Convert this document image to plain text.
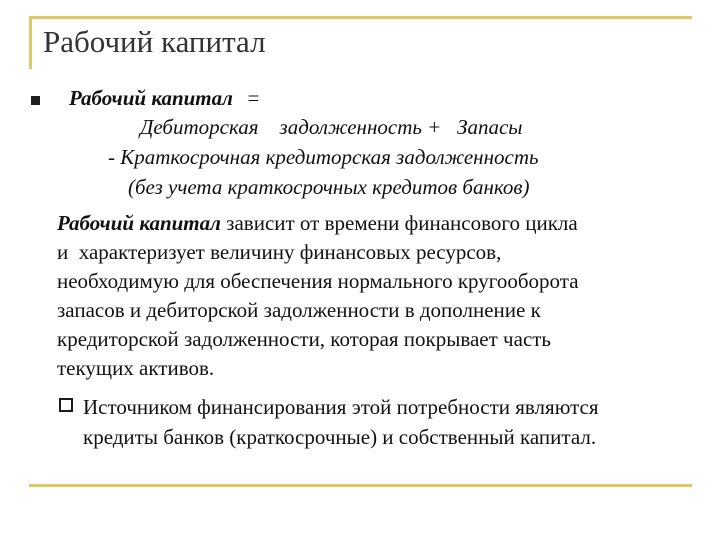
Рабочий капитал
Рабочий капитал =
Дебиторская    задолженность +   Запасы
- Краткосрочная кредиторская задолженность
(без учета краткосрочных кредитов банков)
Рабочий капитал зависит от времени финансового цикла
и  характеризует величину финансовых ресурсов,
необходимую для обеспечения нормального кругооборота
запасов и дебиторской задолженности в дополнение к
кредиторской задолженности, которая покрывает часть
текущих активов.
Источником финансирования этой потребности являются
кредиты банков (краткосрочные) и собственный капитал.
